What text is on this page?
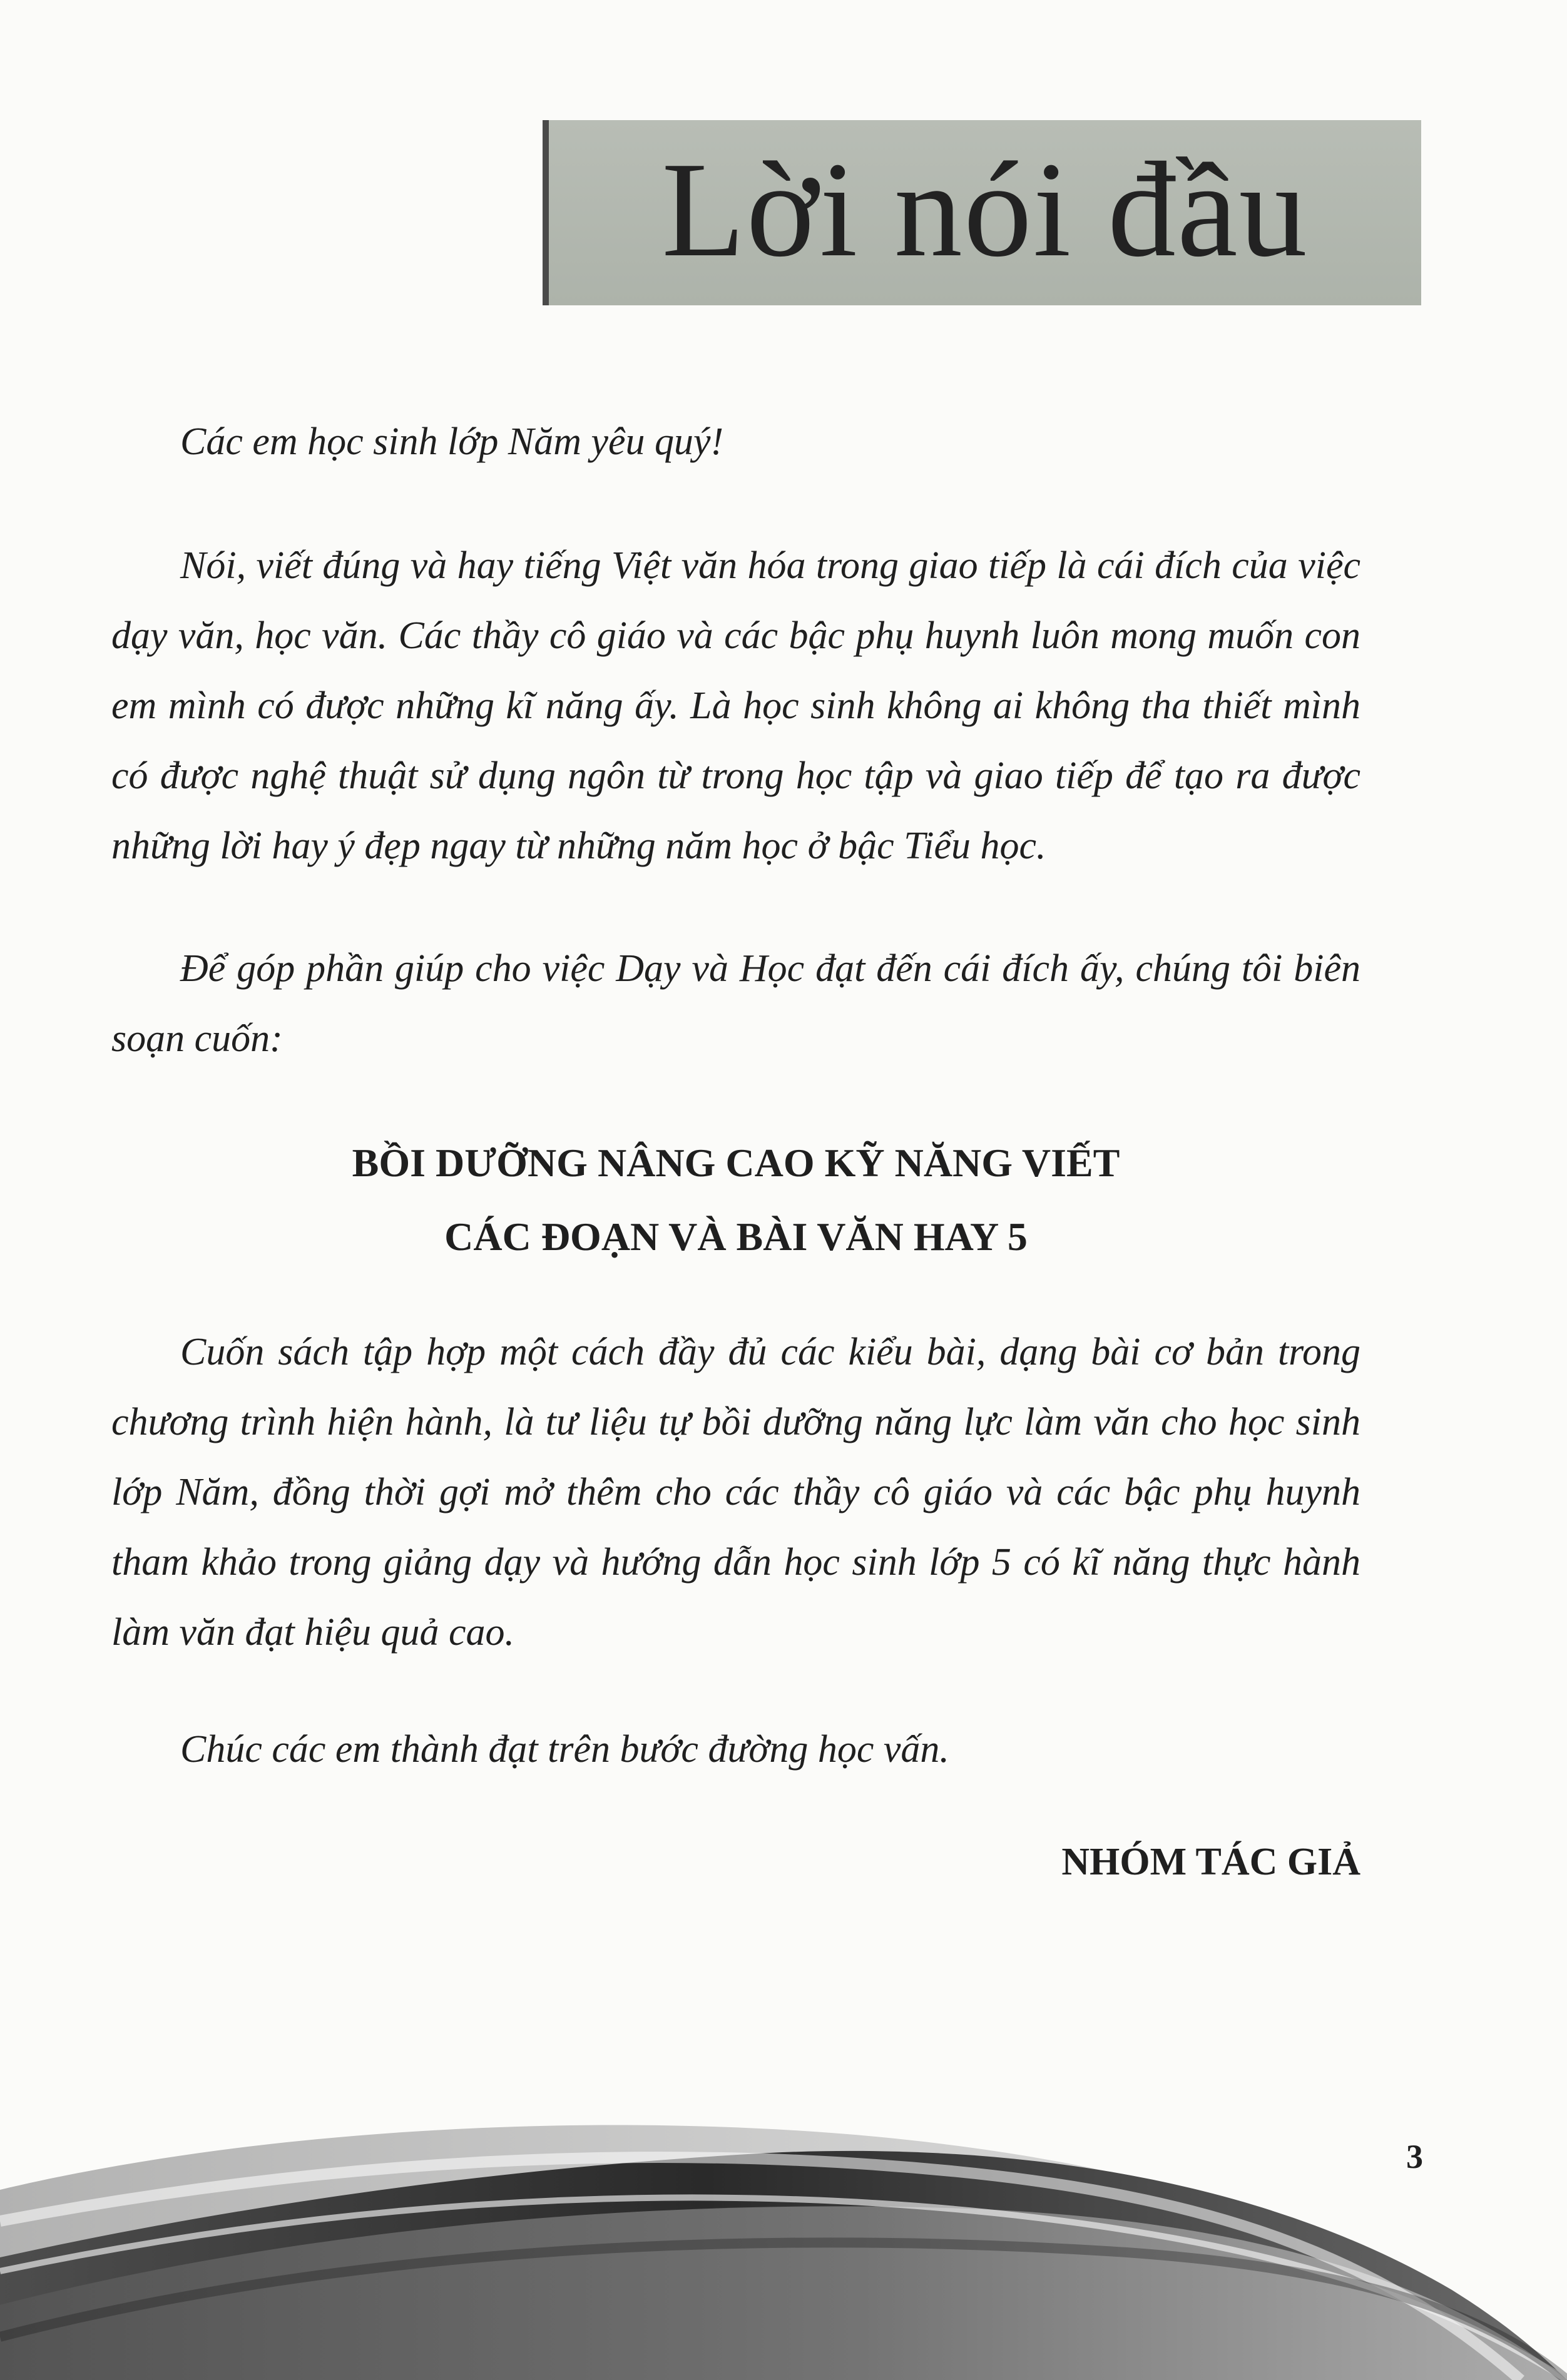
Lời nói đầu
Các em học sinh lớp Năm yêu quý!
Nói, viết đúng và hay tiếng Việt văn hóa trong giao tiếp là cái đích của việc dạy văn, học văn. Các thầy cô giáo và các bậc phụ huynh luôn mong muốn con em mình có được những kĩ năng ấy. Là học sinh không ai không tha thiết mình có được nghệ thuật sử dụng ngôn từ trong học tập và giao tiếp để tạo ra được những lời hay ý đẹp ngay từ những năm học ở bậc Tiểu học.
Để góp phần giúp cho việc Dạy và Học đạt đến cái đích ấy, chúng tôi biên soạn cuốn:
BỒI DƯỠNG NÂNG CAO KỸ NĂNG VIẾT
CÁC ĐOẠN VÀ BÀI VĂN HAY 5
Cuốn sách tập hợp một cách đầy đủ các kiểu bài, dạng bài cơ bản trong chương trình hiện hành, là tư liệu tự bồi dưỡng năng lực làm văn cho học sinh lớp Năm, đồng thời gợi mở thêm cho các thầy cô giáo và các bậc phụ huynh tham khảo trong giảng dạy và hướng dẫn học sinh lớp 5 có kĩ năng thực hành làm văn đạt hiệu quả cao.
Chúc các em thành đạt trên bước đường học vấn.
NHÓM TÁC GIẢ
3
